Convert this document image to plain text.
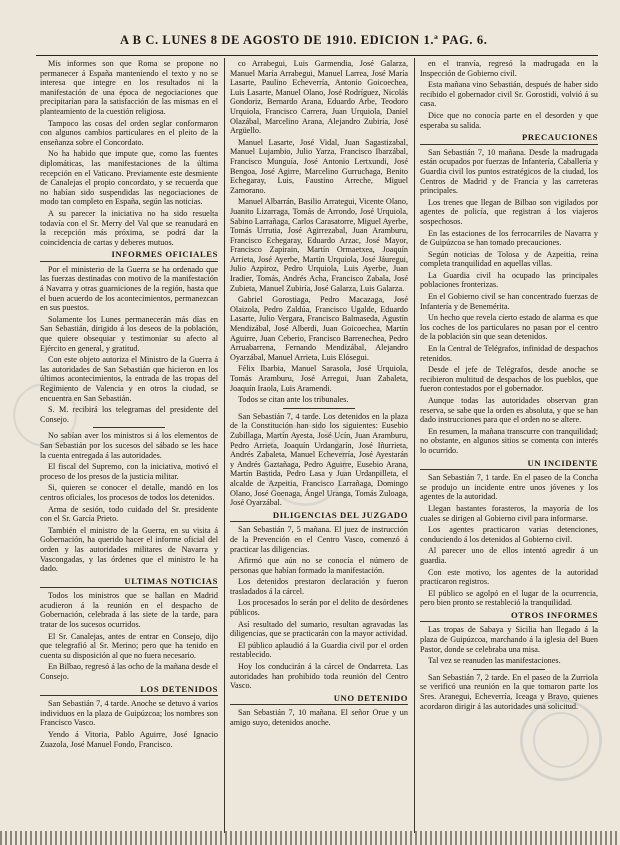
A B C. LUNES 8 DE AGOSTO DE 1910. EDICION 1.ª PAG. 6.

Mis informes son que Roma se propone no permanecer á España manteniendo el texto y no se interesa que integre en los resultados ni la manifestación de una época de negociaciones que precipitarían para la satisfacción de las mismas en el planteamiento de la cuestión religiosa.

Tampoco las cosas del orden seglar conformaron con algunos cambios particulares en el pleito de la enseñanza sobre el Concordato.

No ha habido que impute que, como las fuentes diplomáticas, las manifestaciones de la última recepción en el Vaticano. Previamente este desmiente de Canalejas el propio concordato, y se recuerda que no habían sido suspendidas las negociaciones de modo tan completo en España, según las noticias.

A su parecer la iniciativa no ha sido resuelta todavía con el Sr. Merry del Val que se reanudará en la recepción más próxima, se podrá dar la coincidencia de cartas y deberes mutuos.

INFORMES OFICIALES

Por el ministerio de la Guerra se ha ordenado que las fuerzas destinadas con motivo de la manifestación á Navarra y otras guarniciones de la región, hasta que el buen acuerdo de los acontecimientos, permanezcan en sus puestos.

Solamente los Lunes permanecerán más días en San Sebastián, dirigido á los deseos de la población, que quiere obsequiar y testimoniar su afecto al Ejército en general, y gratitud.

Con este objeto autoriza el Ministro de la Guerra á las autoridades de San Sebastián que hicieron en los últimos acontecimientos, la entrada de las tropas del Regimiento de Valencia y en otros la ciudad, se encuentra en San Sebastián.

S. M. recibirá los telegramas del presidente del Consejo.

No sabían aver los ministros si á los elementos de San Sebastián por los sucesos del sábado se les hace la cuenta entregada á las autoridades.

El fiscal del Supremo, con la iniciativa, motivó el proceso de los presos de la justicia militar.

Si, quieren se conocer el detalle, mandó en los centros oficiales, los procesos de todos los detenidos.

Arma de sesión, todo cuidado del Sr. presidente con el Sr. García Prieto.

También el ministro de la Guerra, en su visita á Gobernación, ha querido hacer el informe oficial del orden y las autoridades militares de Navarra y Vascongadas, y las órdenes que el ministro le ha dado.

ULTIMAS NOTICIAS

Todos los ministros que se hallan en Madrid acudieron á la reunión en el despacho de Gobernación, celebrada á las siete de la tarde, para tratar de los sucesos ocurridos.

El Sr. Canalejas, antes de entrar en Consejo, dijo que telegrafió al Sr. Merino; pero que ha tenido en cuenta su disposición al que no fuera necesario.

En Bilbao, regresó á las ocho de la mañana desde el Consejo.

LOS DETENIDOS

San Sebastián 7, 4 tarde. Anoche se detuvo á varios individuos en la plaza de Guipúzcoa; los nombres son Francisco Vasco.

Yendo á Vitoria, Pablo Aguirre, José Ignacio Zuazola, José Manuel Fondo, Francisco.

co Arrabegui, Luis Garmendia, José Galarza, Manuel María Arrabegui, Manuel Larrea, José María Lasarte, Paulino Echeverría, Antonio Goicoechea, Luis Lasarte, Manuel Olano, José Rodríguez, Nicolás Gondoriz, Bernardo Arana, Eduardo Arbe, Teodoro Urquiola, Francisco Carrera, Juan Urquiola, Daniel Olazábal, Marcelino Arana, Alejandro Zubiría, José Argüello.

Manuel Lasarte, José Vidal, Juan Sagastizabal, Manuel Lujambio, Julio Yarza, Francisco Ibarzábal, Francisco Munguía, José Antonio Lertxundi, José Bengoa, José Agirre, Marcelino Gurruchaga, Benito Echegaray, Luis, Faustino Arreche, Miguel Zamorano.

Manuel Albarrán, Basilio Arrategui, Vicente Olano, Juanito Lizarraga, Tomás de Arrondo, José Urquiola, Sabino Larrañaga, Carlos Carasatorre, Miguel Ayerbe, Tomás Urrutia, José Agirrezabal, Juan Aramburu, Francisco Echegaray, Eduardo Arzac, José Mayor, Francisco Zapirain, Martín Ormaetxea, Joaquín Arrieta, José Ayerbe, Martín Urquiola, José Jáuregui, Julio Azpiroz, Pedro Urquiola, Luis Ayerbe, Juan Iradier, Tomás, Andrés Acha, Francisco Zabala, José Zubieta, Manuel Zubiría, José Galarza, Luis Galarza.

Gabriel Gorostiaga, Pedro Macazaga, José Olaizola, Pedro Zaldúa, Francisco Ugalde, Eduardo Lasarte, Julio Vergara, Francisco Balmaseda, Agustín Mendizábal, José Alberdi, Juan Goicoechea, Martín Aguirre, Juan Ceberio, Francisco Barrenechea, Pedro Arruabarrena, Fernando Mendizábal, Alejandro Oyarzábal, Manuel Arrieta, Luis Elósegui.

Félix Ibarbia, Manuel Sarasola, José Urquiola, Tomás Aramburu, José Arregui, Juan Zabaleta, Joaquín Iraola, Luis Aramendi.

Todos se citan ante los tribunales.

San Sebastián 7, 4 tarde. Los detenidos en la plaza de la Constitución han sido los siguientes: Eusebio Zubillaga, Martín Ayesta, José Ucín, Juan Aramburu, Pedro Arrieta, Joaquín Urdangarín, José Iñurrieta, Andrés Zabaleta, Manuel Echeverría, José Ayestarán y Andrés Gaztañaga, Pedro Aguirre, Eusebio Arana, Martín Bastida, Pedro Lasa y Juan Urdanpilleta, el alcalde de Azpeitia, Francisco Larrañaga, Domingo Olano, José Goenaga, Ángel Uranga, Tomás Zuloaga, José Oyarzábal.

DILIGENCIAS DEL JUZGADO

San Sebastián 7, 5 mañana. El juez de instrucción de la Prevención en el Centro Vasco, comenzó á practicar las diligencias.

Afirmó que aún no se conocía el número de personas que habían formado la manifestación.

Los detenidos prestaron declaración y fueron trasladados á la cárcel.

Los procesados lo serán por el delito de desórdenes públicos.

Así resultado del sumario, resultan agravadas las diligencias, que se practicarán con la mayor actividad.

El público aplaudió á la Guardia civil por el orden restablecido.

Hoy los conducirán á la cárcel de Ondarreta. Las autoridades han prohibido toda reunión del Centro Vasco.

UNO DETENIDO

San Sebastián 7, 10 mañana. El señor Orue y un amigo suyo, detenidos anoche.

en el tranvía, regresó la madrugada en la Inspección de Gobierno civil.

Esta mañana vino Sebastián, después de haber sido recibido el gobernador civil Sr. Gorostidi, volvió á su casa.

Dice que no conocía parte en el desorden y que esperaba su salida.

PRECAUCIONES

San Sebastián 7, 10 mañana. Desde la madrugada están ocupados por fuerzas de Infantería, Caballería y Guardia civil los puntos estratégicos de la ciudad, los Centros de Madrid y de Francia y las carreteras principales.

Los trenes que llegan de Bilbao son vigilados por agentes de policía, que registran á los viajeros sospechosos.

En las estaciones de los ferrocarriles de Navarra y de Guipúzcoa se han tomado precauciones.

Según noticias de Tolosa y de Azpeitia, reina completa tranquilidad en aquellas villas.

La Guardia civil ha ocupado las principales poblaciones fronterizas.

En el Gobierno civil se han concentrado fuerzas de Infantería y de Benemérita.

Un hecho que revela cierto estado de alarma es que los coches de los particulares no pasan por el centro de la población sin que sean detenidos.

En la Central de Telégrafos, infinidad de despachos retenidos.

Desde el jefe de Telégrafos, desde anoche se recibieron multitud de despachos de los pueblos, que fueron contestados por el gobernador.

Aunque todas las autoridades observan gran reserva, se sabe que la orden es absoluta, y que se han dado instrucciones para que el orden no se altere.

En resumen, la mañana transcurre con tranquilidad; no obstante, en algunos sitios se comenta con interés lo ocurrido.

UN INCIDENTE

San Sebastián 7, 1 tarde. En el paseo de la Concha se produjo un incidente entre unos jóvenes y los agentes de la autoridad.

Llegan bastantes forasteros, la mayoría de los cuales se dirigen al Gobierno civil para informarse.

Los agentes practicaron varias detenciones, conduciendo á los detenidos al Gobierno civil.

Al parecer uno de ellos intentó agredir á un guardia.

Con este motivo, los agentes de la autoridad practicaron registros.

El público se agolpó en el lugar de la ocurrencia, pero bien pronto se restableció la tranquilidad.

OTROS INFORMES

Las tropas de Sabaya y Sicilia han llegado á la plaza de Guipúzcoa, marchando á la iglesia del Buen Pastor, donde se celebraba una misa.

Tal vez se reanuden las manifestaciones.

San Sebastián 7, 2 tarde. En el paseo de la Zurriola se verificó una reunión en la que tomaron parte los Sres. Aranegui, Echeverría, Iceaga y Bravo, quienes acordaron dirigir á las autoridades una solicitud.
